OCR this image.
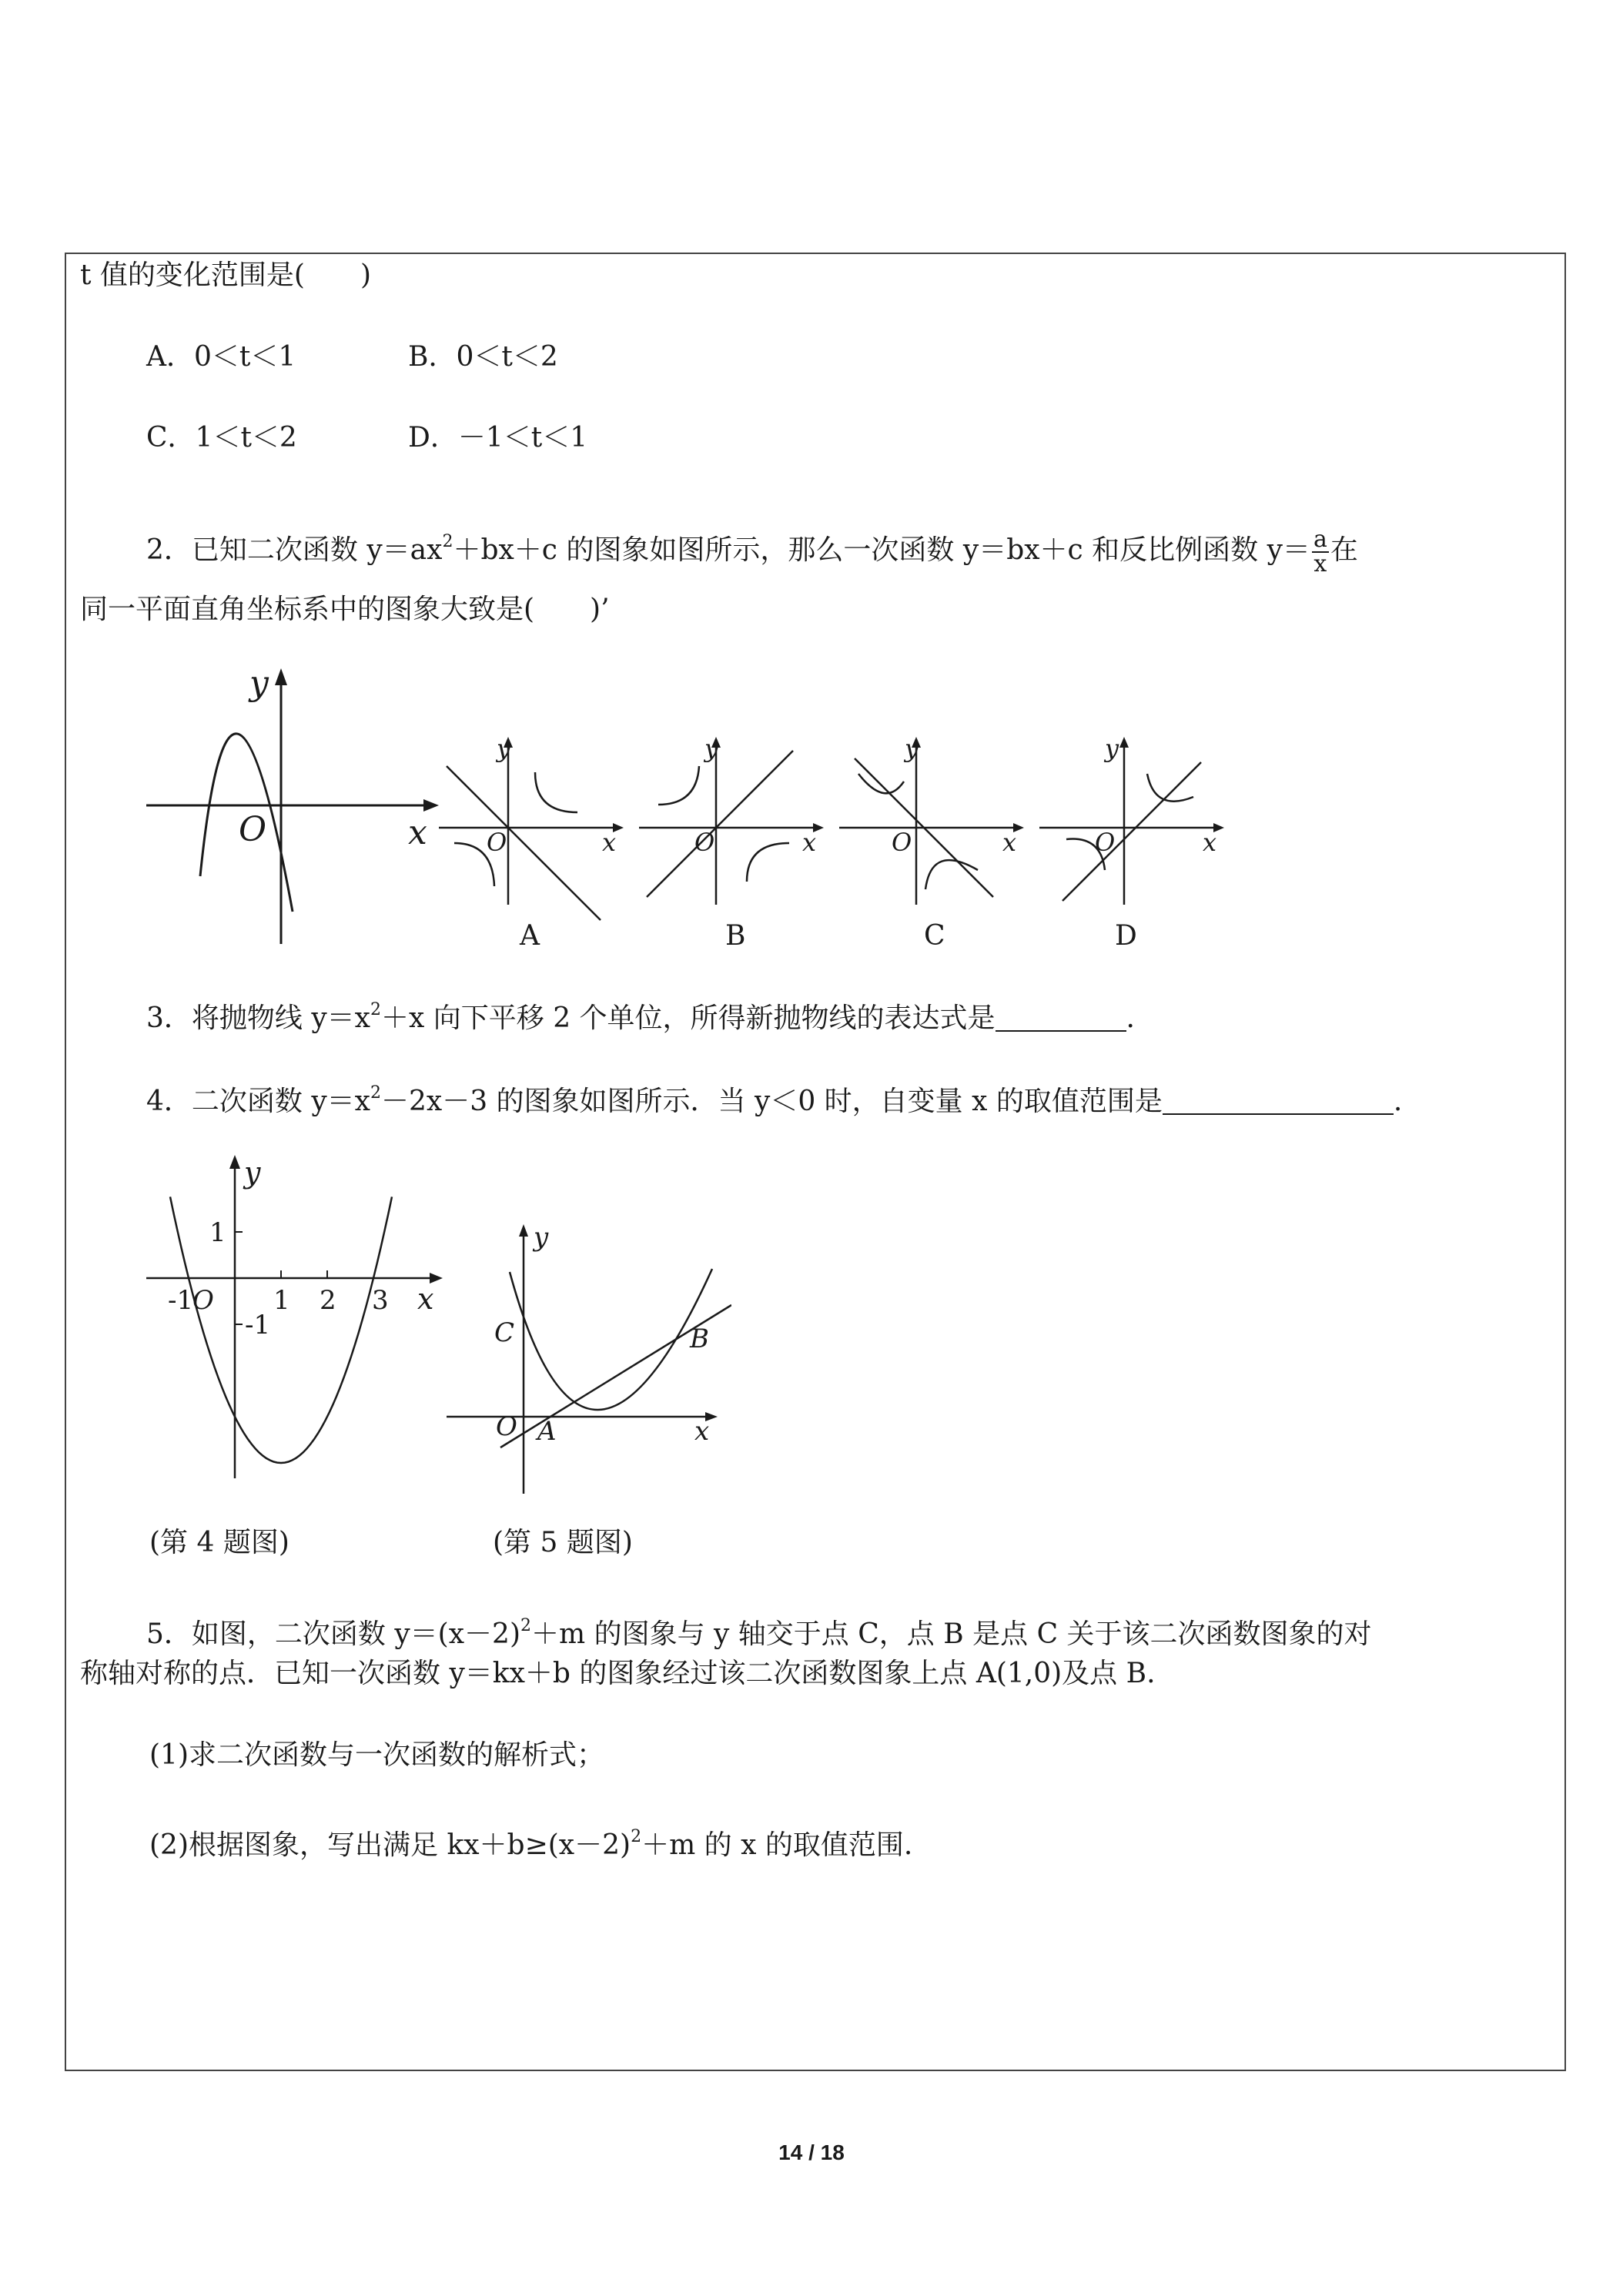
t 值的变化范围是(　　)
A．0＜t＜1	B．0＜t＜2
C．1＜t＜2	D．－1＜t＜1
2．已知二次函数 $y=ax^2+bx+c$ 的图象如图所示，那么一次函数 y＝bx＋c 和反比例函数 $y= \frac{a}{x}$ 在
同一平面直角坐标系中的图象大致是(　　)’
y
x
O
y
x
O
A
y
x
O
B
y
x
O
C
y
x
O
D
3．将抛物线 $y=x^2+x$ 向下平移 2 个单位，所得新抛物线的表达式是	.
4．二次函数 $y=x^2-2x-3$ 的图象如图所示．当 y＜0 时，自变量 x 的取值范围是	.
y
x
O
-1	1 2 3
1
-1
y
x
O A
B
C
(第 4 题图)	(第 5 题图)
5．如图，二次函数 $y=(x-2)^2+m$ 的图象与 y 轴交于点 C，点 B 是点 C 关于该二次函数图象的对
称轴对称的点．已知一次函数 y＝kx＋b 的图象经过该二次函数图象上点 A(1,0)及点 B.
(1)求二次函数与一次函数的解析式；
(2)根据图象，写出满足 $kx+b\ge(x-2)^2+m$ 的 x 的取值范围.
14 / 18
